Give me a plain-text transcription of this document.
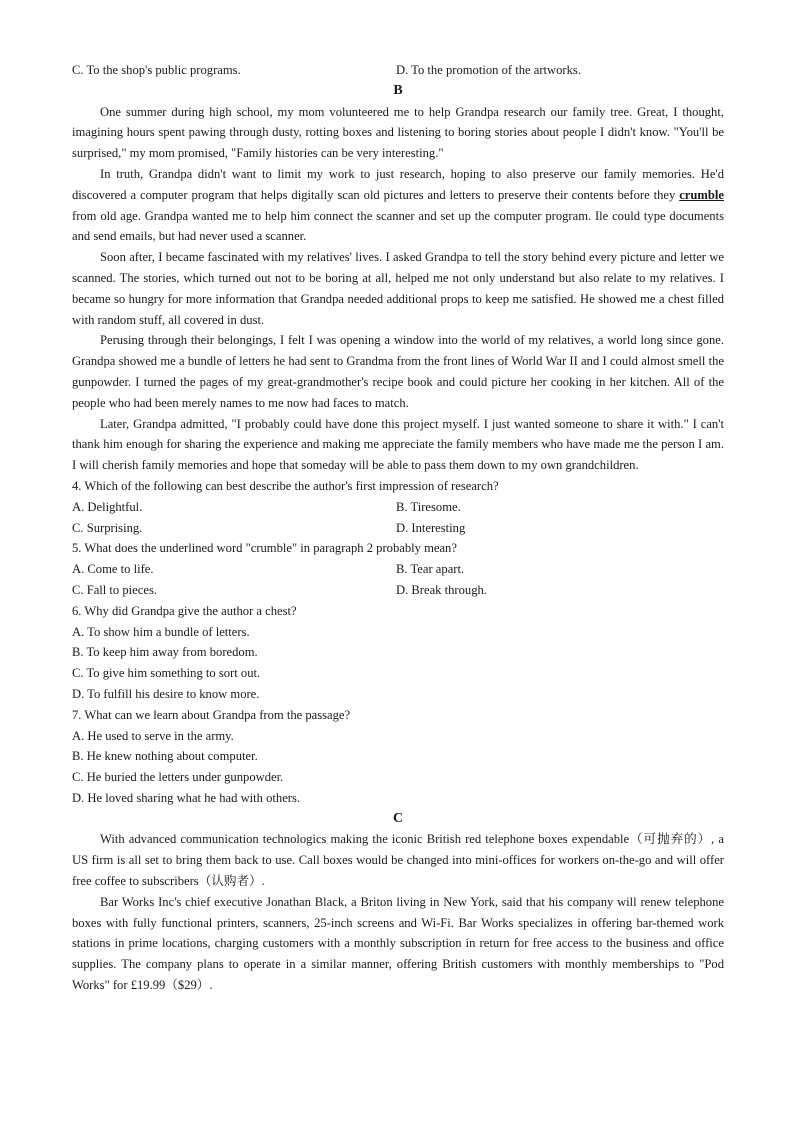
C. To the shop's public programs.	D. To the promotion of the artworks.
B

One summer during high school, my mom volunteered me to help Grandpa research our family tree. Great, I thought, imagining hours spent pawing through dusty, rotting boxes and listening to boring stories about people I didn't know. "You'll be surprised," my mom promised, "Family histories can be very interesting."

In truth, Grandpa didn't want to limit my work to just research, hoping to also preserve our family memories. He'd discovered a computer program that helps digitally scan old pictures and letters to preserve their contents before they crumble from old age. Grandpa wanted me to help him connect the scanner and set up the computer program. Ile could type documents and send emails, but had never used a scanner.

Soon after, I became fascinated with my relatives' lives. I asked Grandpa to tell the story behind every picture and letter we scanned. The stories, which turned out not to be boring at all, helped me not only understand but also relate to my relatives. I became so hungry for more information that Grandpa needed additional props to keep me satisfied. He showed me a chest filled with random stuff, all covered in dust.

Perusing through their belongings, I felt I was opening a window into the world of my relatives, a world long since gone. Grandpa showed me a bundle of letters he had sent to Grandma from the front lines of World War II and I could almost smell the gunpowder. I turned the pages of my great-grandmother's recipe book and could picture her cooking in her kitchen. All of the people who had been merely names to me now had faces to match.

Later, Grandpa admitted, "I probably could have done this project myself. I just wanted someone to share it with." I can't thank him enough for sharing the experience and making me appreciate the family members who have made me the person I am. I will cherish family memories and hope that someday will be able to pass them down to my own grandchildren.

4. Which of the following can best describe the author's first impression of research?
A. Delightful.	B. Tiresome.
C. Surprising.	D. Interesting
5. What does the underlined word "crumble" in paragraph 2 probably mean?
A. Come to life.	B. Tear apart.
C. Fall to pieces.	D. Break through.
6. Why did Grandpa give the author a chest?
A. To show him a bundle of letters.
B. To keep him away from boredom.
C. To give him something to sort out.
D. To fulfill his desire to know more.
7. What can we learn about Grandpa from the passage?
A. He used to serve in the army.
B. He knew nothing about computer.
C. He buried the letters under gunpowder.
D. He loved sharing what he had with others.
C

With advanced communication technologics making the iconic British red telephone boxes expendable（可抛弃的）, a US firm is all set to bring them back to use. Call boxes would be changed into mini-offices for workers on-the-go and will offer free coffee to subscribers（认购者）.

Bar Works Inc's chief executive Jonathan Black, a Briton living in New York, said that his company will renew telephone boxes with fully functional printers, scanners, 25-inch screens and Wi-Fi. Bar Works specializes in offering bar-themed work stations in prime locations, charging customers with a monthly subscription in return for free access to the business and office supplies. The company plans to operate in a similar manner, offering British customers with monthly memberships to "Pod Works" for £19.99（$29）.
